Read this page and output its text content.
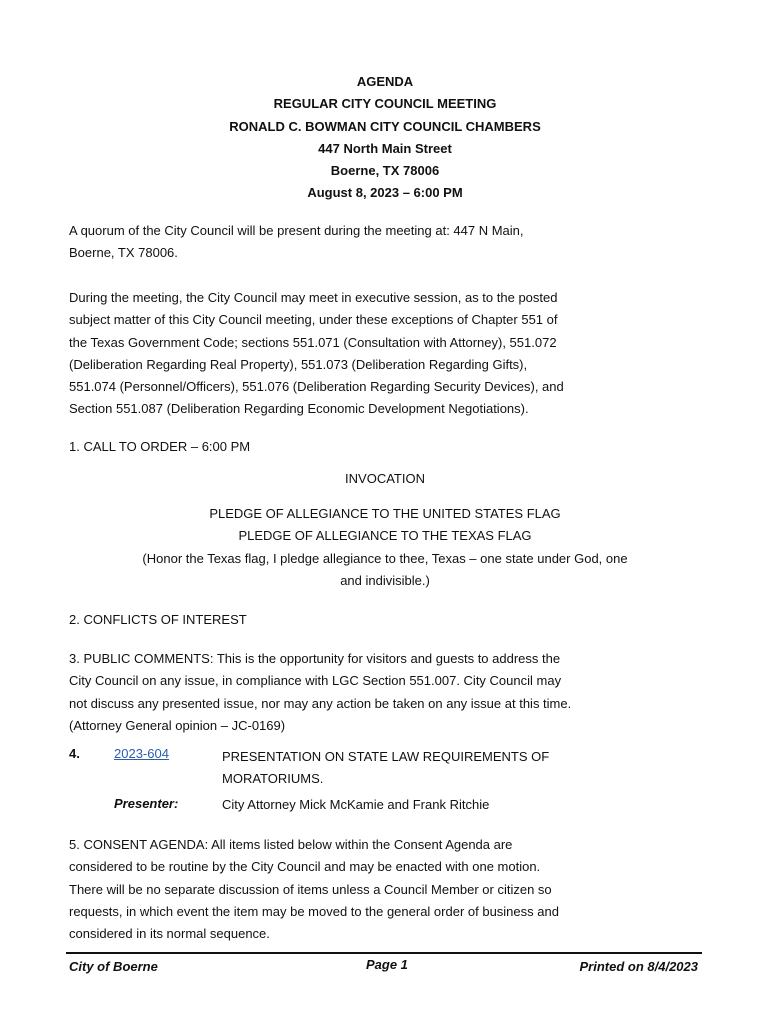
AGENDA
REGULAR CITY COUNCIL MEETING
RONALD C. BOWMAN CITY COUNCIL CHAMBERS
447 North Main Street
Boerne, TX 78006
August 8, 2023 – 6:00 PM
A quorum of the City Council will be present during the meeting at: 447 N Main,
Boerne, TX 78006.
During the meeting, the City Council may meet in executive session, as to the posted
subject matter of this City Council meeting, under these exceptions of Chapter 551 of
the Texas Government Code; sections 551.071 (Consultation with Attorney), 551.072
(Deliberation Regarding Real Property), 551.073 (Deliberation Regarding Gifts),
551.074 (Personnel/Officers), 551.076 (Deliberation Regarding Security Devices), and
Section 551.087 (Deliberation Regarding Economic Development Negotiations).
1. CALL TO ORDER – 6:00 PM
INVOCATION
PLEDGE OF ALLEGIANCE TO THE UNITED STATES FLAG
PLEDGE OF ALLEGIANCE TO THE TEXAS FLAG
(Honor the Texas flag, I pledge allegiance to thee, Texas – one state under God, one
and indivisible.)
2. CONFLICTS OF INTEREST
3. PUBLIC COMMENTS: This is the opportunity for visitors and guests to address the
City Council on any issue, in compliance with LGC Section 551.007. City Council may
not discuss any presented issue, nor may any action be taken on any issue at this time.
(Attorney General opinion – JC-0169)
4.	2023-604	PRESENTATION ON STATE LAW REQUIREMENTS OF
MORATORIUMS.
Presenter:	City Attorney Mick McKamie and Frank Ritchie
5. CONSENT AGENDA: All items listed below within the Consent Agenda are
considered to be routine by the City Council and may be enacted with one motion.
There will be no separate discussion of items unless a Council Member or citizen so
requests, in which event the item may be moved to the general order of business and
considered in its normal sequence.
City of Boerne	Page 1	Printed on 8/4/2023
